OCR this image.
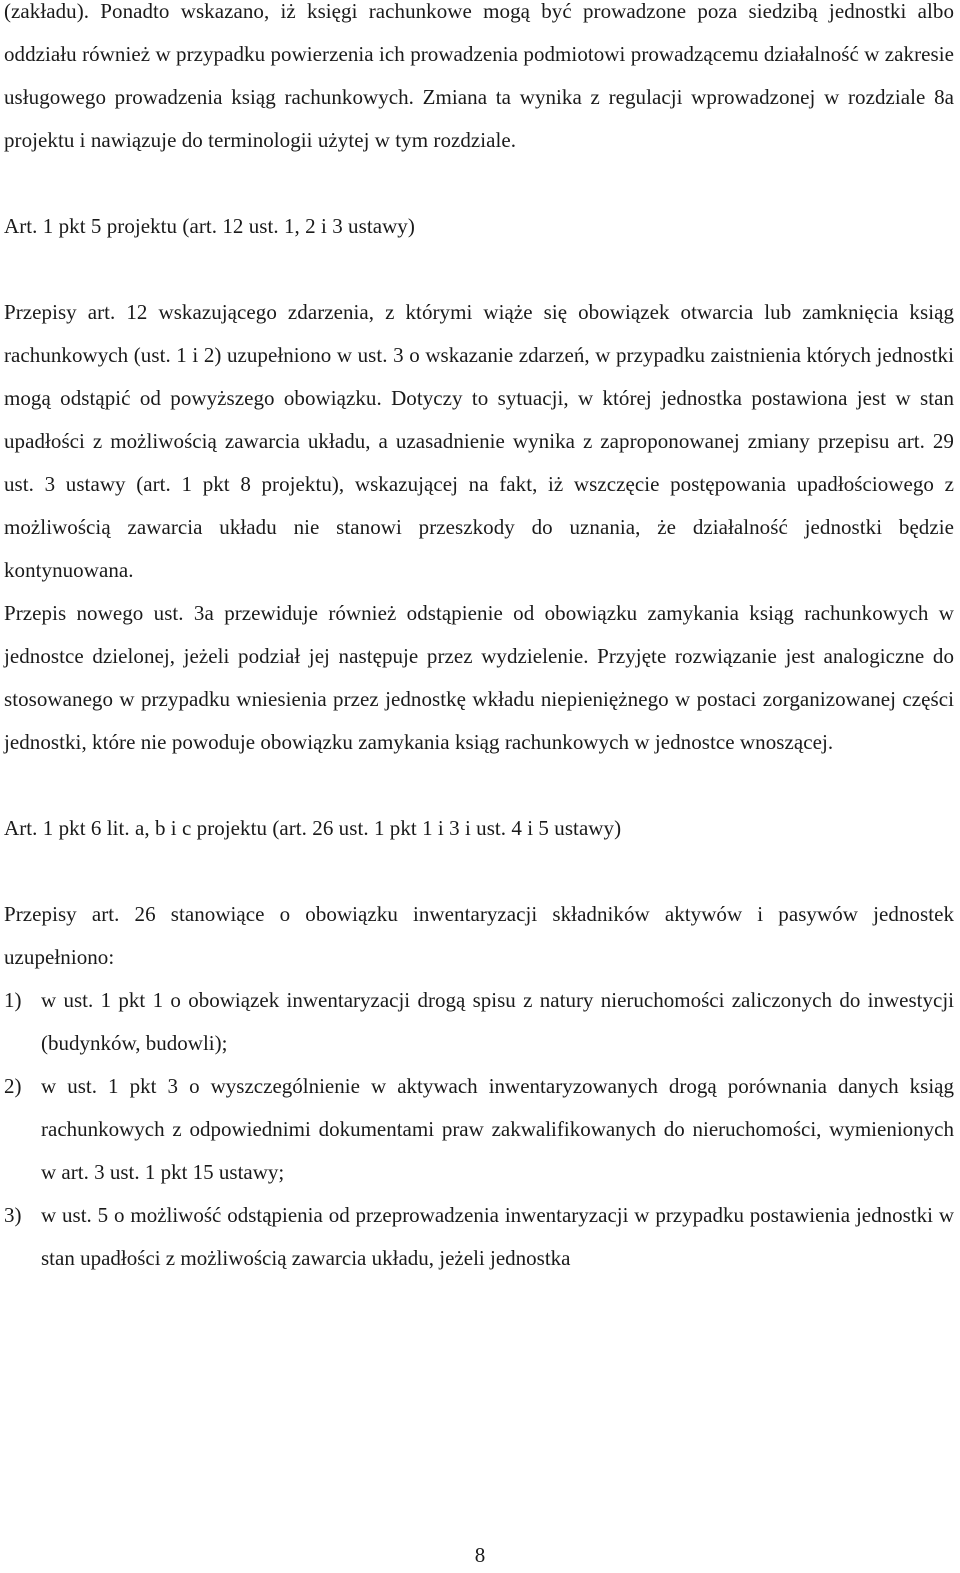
(zakładu). Ponadto wskazano, iż księgi rachunkowe mogą być prowadzone poza siedzibą jednostki albo oddziału również w przypadku powierzenia ich prowadzenia podmiotowi prowadzącemu działalność w zakresie usługowego prowadzenia ksiąg rachunkowych. Zmiana ta wynika z regulacji wprowadzonej w rozdziale 8a projektu i nawiązuje do terminologii użytej w tym rozdziale.

Art. 1 pkt 5 projektu (art. 12 ust. 1, 2 i 3 ustawy)

Przepisy art. 12 wskazującego zdarzenia, z którymi wiąże się obowiązek otwarcia lub zamknięcia ksiąg rachunkowych (ust. 1 i 2) uzupełniono w ust. 3 o wskazanie zdarzeń, w przypadku zaistnienia których jednostki mogą odstąpić od powyższego obowiązku. Dotyczy to sytuacji, w której jednostka postawiona jest w stan upadłości z możliwością zawarcia układu, a uzasadnienie wynika z zaproponowanej zmiany przepisu art. 29 ust. 3 ustawy (art. 1 pkt 8 projektu), wskazującej na fakt, iż wszczęcie postępowania upadłościowego z możliwością zawarcia układu nie stanowi przeszkody do uznania, że działalność jednostki będzie kontynuowana.

Przepis nowego ust. 3a przewiduje również odstąpienie od obowiązku zamykania ksiąg rachunkowych w jednostce dzielonej, jeżeli podział jej następuje przez wydzielenie. Przyjęte rozwiązanie jest analogiczne do stosowanego w przypadku wniesienia przez jednostkę wkładu niepieniężnego w postaci zorganizowanej części jednostki, które nie powoduje obowiązku zamykania ksiąg rachunkowych w jednostce wnoszącej.

Art. 1 pkt 6 lit. a, b i c projektu (art. 26 ust. 1 pkt 1 i 3 i ust. 4 i 5 ustawy)

Przepisy art. 26 stanowiące o obowiązku inwentaryzacji składników aktywów i pasywów jednostek uzupełniono:

1) w ust. 1 pkt 1 o obowiązek inwentaryzacji drogą spisu z natury nieruchomości zaliczonych do inwestycji (budynków, budowli);
2) w ust. 1 pkt 3 o wyszczególnienie w aktywach inwentaryzowanych drogą porównania danych ksiąg rachunkowych z odpowiednimi dokumentami praw zakwalifikowanych do nieruchomości, wymienionych w art. 3 ust. 1 pkt 15 ustawy;
3) w ust. 5 o możliwość odstąpienia od przeprowadzenia inwentaryzacji w przypadku postawienia jednostki w stan upadłości z możliwością zawarcia układu, jeżeli jednostka
8
